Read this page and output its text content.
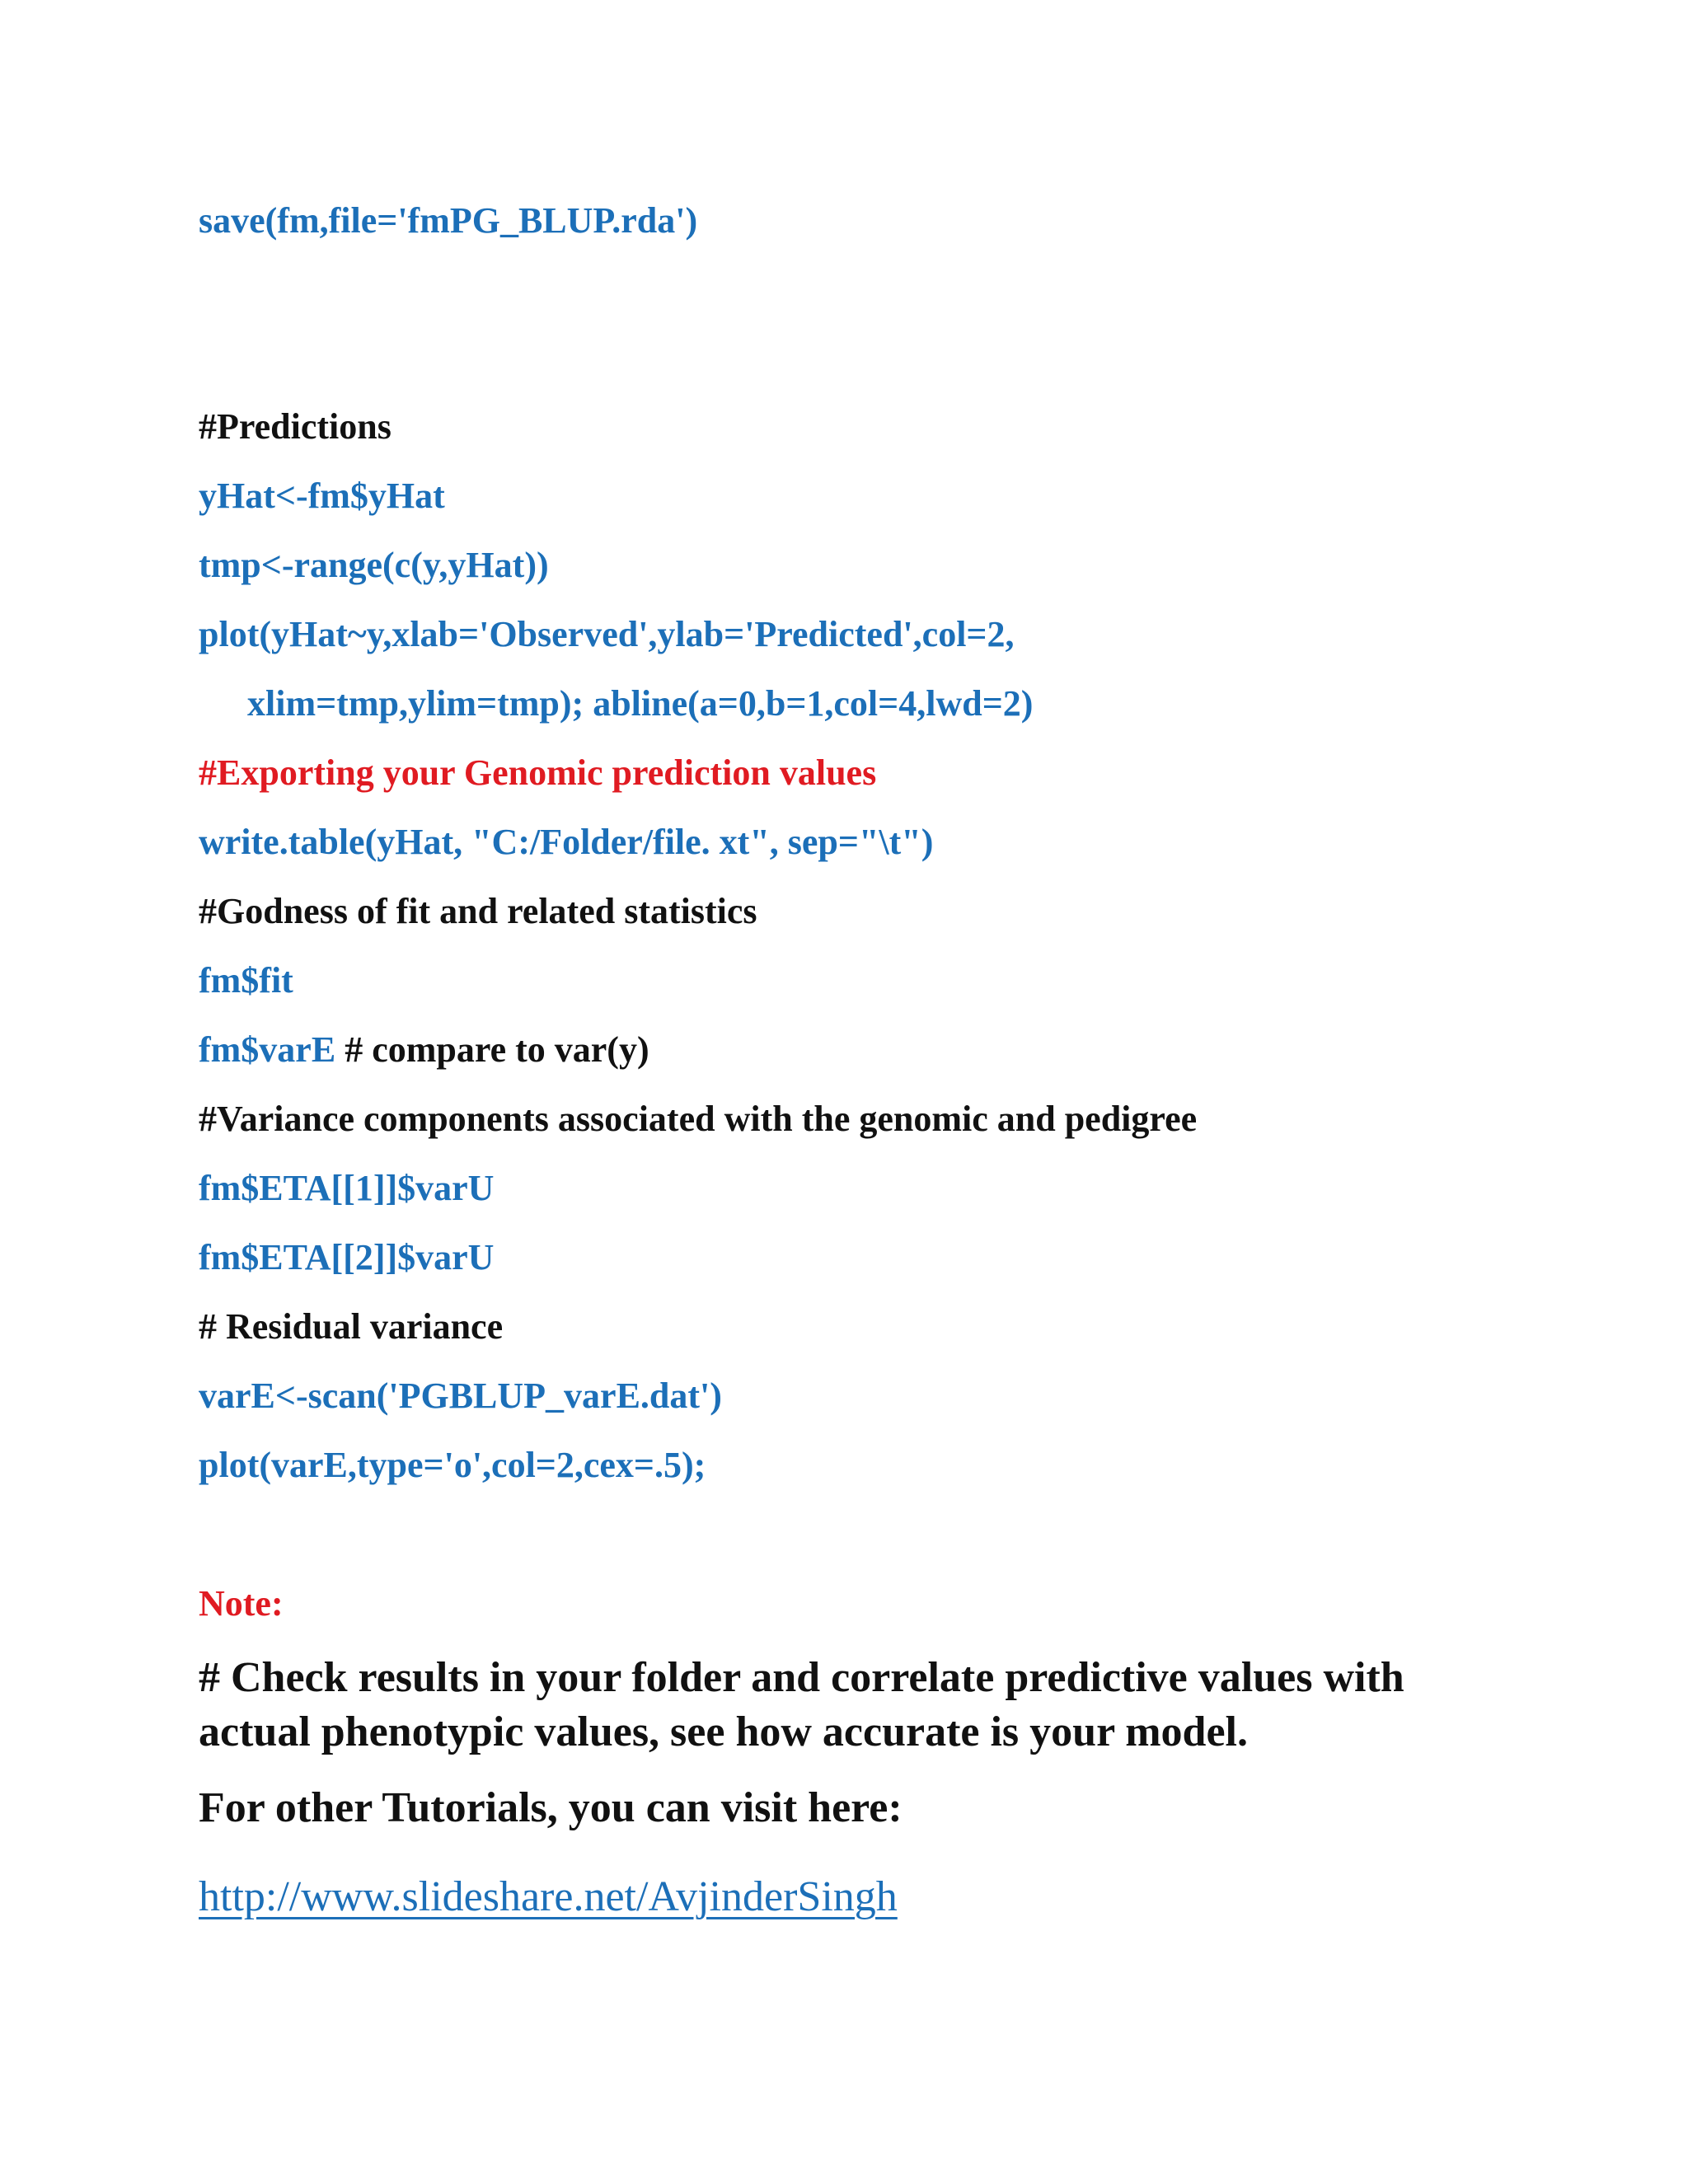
save(fm,file='fmPG_BLUP.rda')
#Predictions
yHat<-fm$yHat
tmp<-range(c(y,yHat))
plot(yHat~y,xlab='Observed',ylab='Predicted',col=2,
xlim=tmp,ylim=tmp); abline(a=0,b=1,col=4,lwd=2)
#Exporting your Genomic prediction values
write.table(yHat, "C:/Folder/file. xt", sep="\t")
#Godness of fit and related statistics
fm$fit
fm$varE # compare to var(y)
#Variance components associated with the genomic and pedigree
fm$ETA[[1]]$varU
fm$ETA[[2]]$varU
# Residual variance
varE<-scan('PGBLUP_varE.dat')
plot(varE,type='o',col=2,cex=.5);
Note:
# Check results in your folder and correlate predictive values with
actual phenotypic values, see how accurate is your model.
For other Tutorials, you can visit here:
http://www.slideshare.net/AvjinderSingh
